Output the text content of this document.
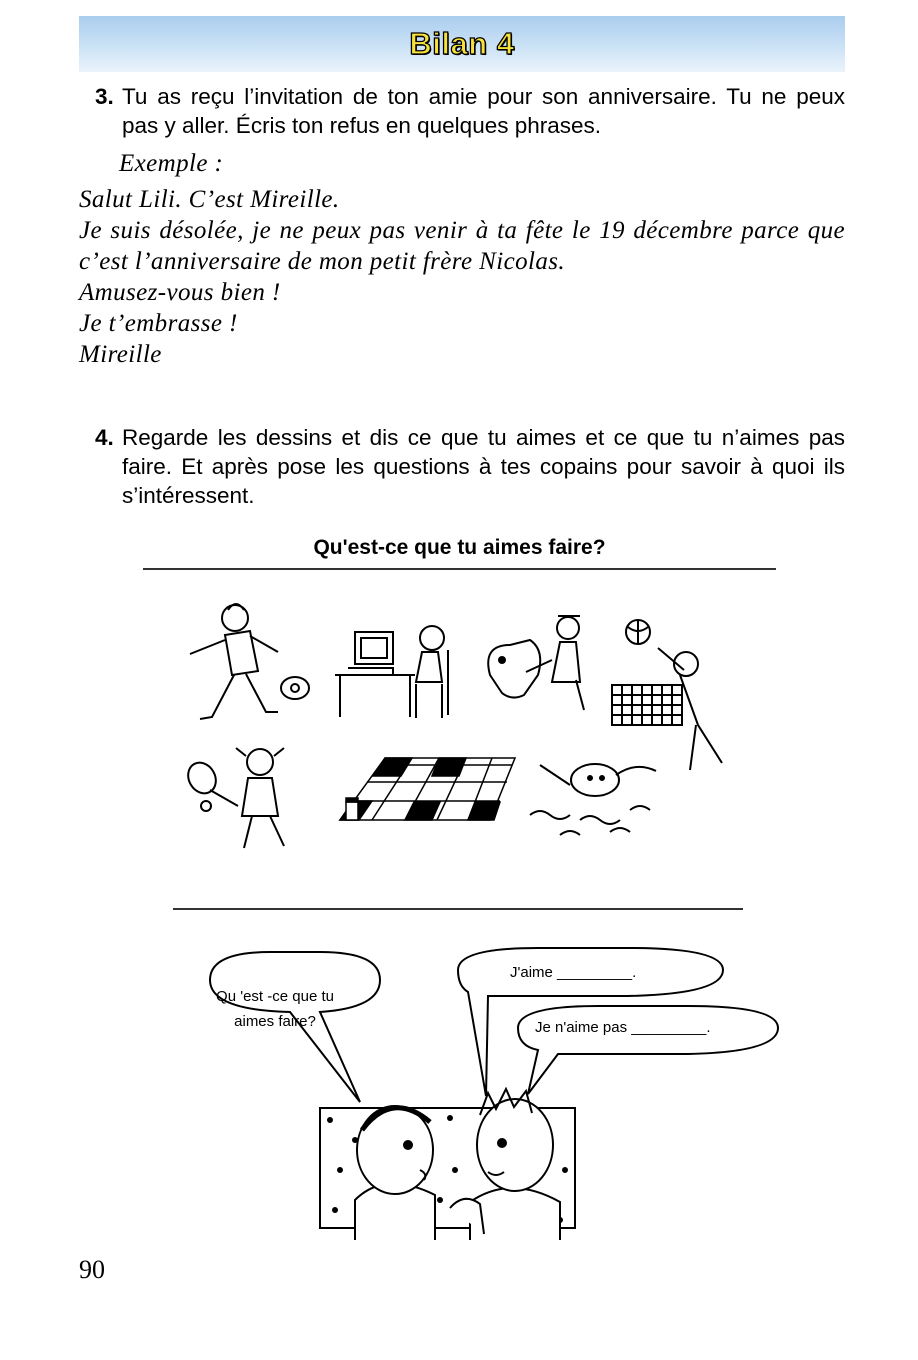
Bilan 4
3. Tu as reçu l’invitation de ton amie pour son anniversaire. Tu ne peux pas y aller. Écris ton refus en quelques phrases.
Exemple :

Salut Lili. C’est Mireille.

Je suis désolée, je ne peux pas venir à ta fête le 19 décembre parce que c’est l’anniversaire de mon petit frère Nicolas.

Amusez-vous bien !

Je t’embrasse !

Mireille

4. Regarde les dessins et dis ce que tu aimes et ce que tu n’aimes pas faire. Et après pose les questions à tes copains pour savoir à quoi ils s’intéressent.
Qu'est-ce que tu aimes faire?
Qu 'est -ce que tu
aimes faire?
J'aime _________.
Je n'aime pas _________.
90
